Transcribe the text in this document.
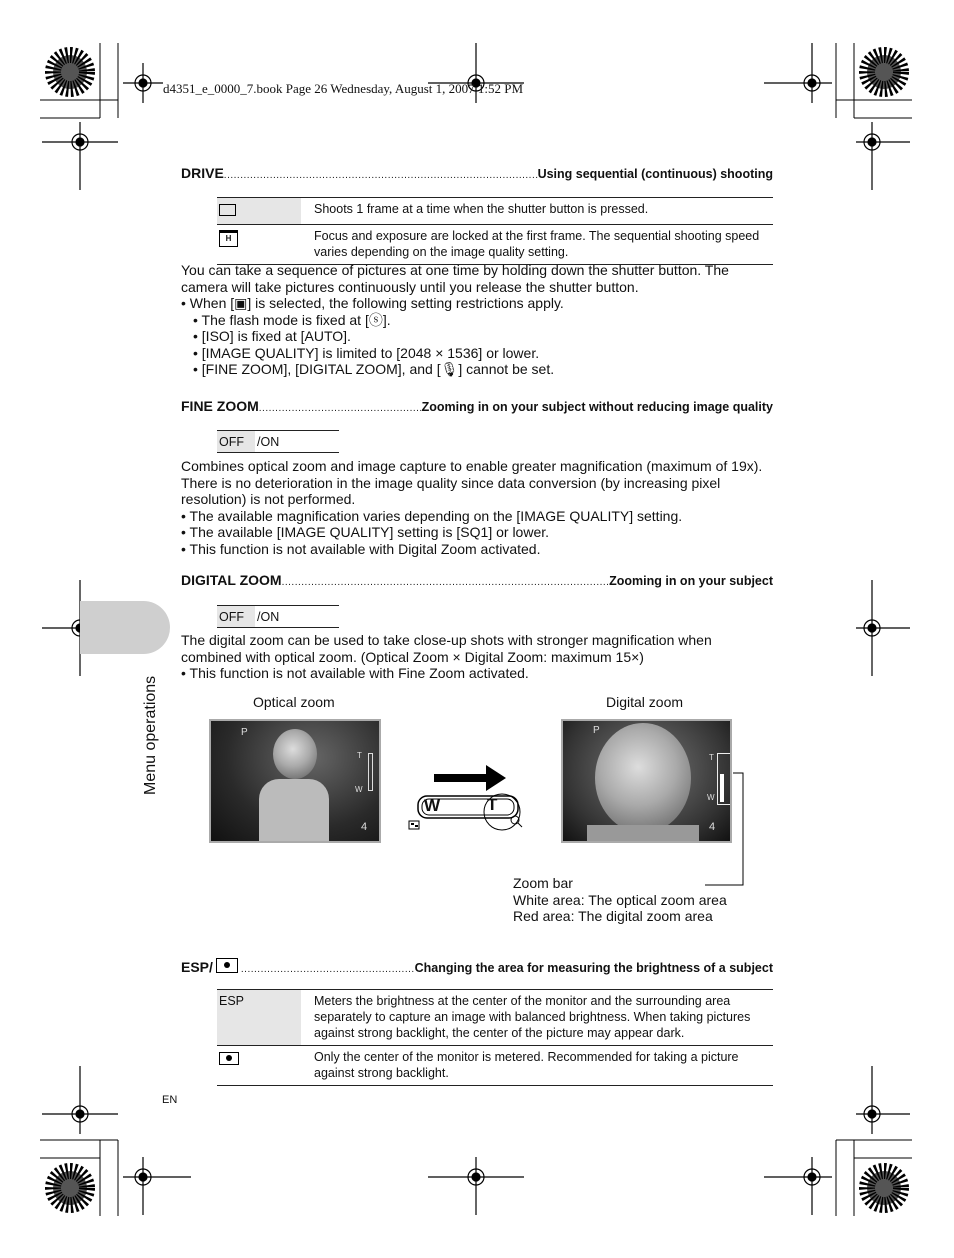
d4351_e_0000_7.book Page 26 Wednesday, August 1, 2007 1:52 PM
Menu operations
DRIVE .....	Using sequential (continuous) shooting
	Shoots 1 frame at a time when the shutter button is pressed.
H	Focus and exposure are locked at the first frame. The sequential shooting speed varies depending on the image quality setting.

You can take a sequence of pictures at one time by holding down the shutter button. The camera will take pictures continuously until you release the shutter button.

• When [▣] is selected, the following setting restrictions apply.

• The flash mode is fixed at [ⓢ].

• [ISO] is fixed at [AUTO].

• [IMAGE QUALITY] is limited to [2048 × 1536] or lower.

• [FINE ZOOM], [DIGITAL ZOOM], and [🎙] cannot be set.

FINE ZOOM .....	Zooming in on your subject without reducing image quality
OFF	/ON

Combines optical zoom and image capture to enable greater magnification (maximum of 19x). There is no deterioration in the image quality since data conversion (by increasing pixel resolution) is not performed.

• The available magnification varies depending on the [IMAGE QUALITY] setting.

• The available [IMAGE QUALITY] setting is [SQ1] or lower.

• This function is not available with Digital Zoom activated.

DIGITAL ZOOM .....	Zooming in on your subject
OFF	/ON

The digital zoom can be used to take close-up shots with stronger magnification when combined with optical zoom. (Optical Zoom × Digital Zoom: maximum 15×)

• This function is not available with Fine Zoom activated.

Optical zoom	Digital zoom
P
T
W
4
P
T
W
4
W	T
Zoom bar
White area: The optical zoom area
Red area: The digital zoom area
ESP/ .....	Changing the area for measuring the brightness of a subject
ESP	Meters the brightness at the center of the monitor and the surrounding area separately to capture an image with balanced brightness. When taking pictures against strong backlight, the center of the picture may appear dark.

	Only the center of the monitor is metered. Recommended for taking a picture against strong backlight.
EN
